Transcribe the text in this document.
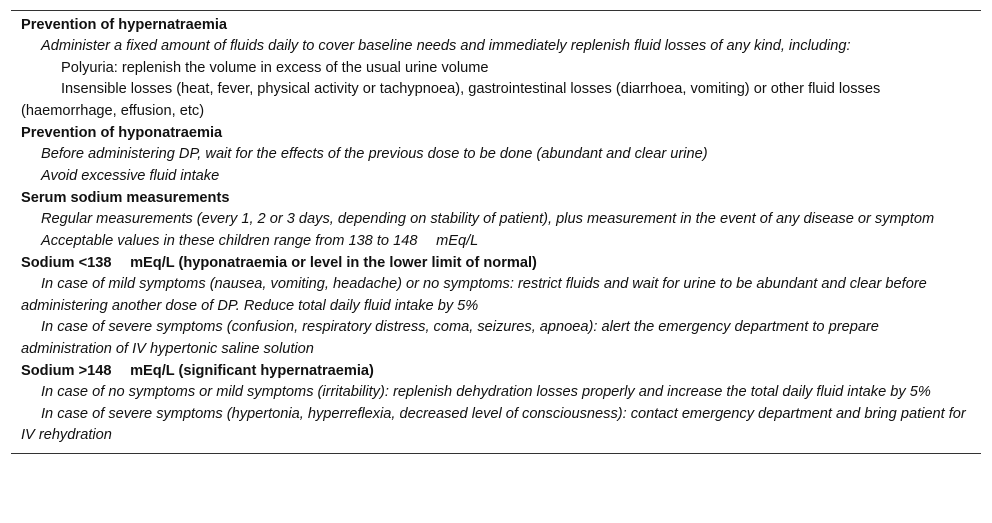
Prevention of hypernatraemia
Administer a fixed amount of fluids daily to cover baseline needs and immediately replenish fluid losses of any kind, including:
Polyuria: replenish the volume in excess of the usual urine volume
Insensible losses (heat, fever, physical activity or tachypnoea), gastrointestinal losses (diarrhoea, vomiting) or other fluid losses (haemorrhage, effusion, etc)
Prevention of hyponatraemia
Before administering DP, wait for the effects of the previous dose to be done (abundant and clear urine)
Avoid excessive fluid intake
Serum sodium measurements
Regular measurements (every 1, 2 or 3 days, depending on stability of patient), plus measurement in the event of any disease or symptom
Acceptable values in these children range from 138 to 148  mEq/L
Sodium <138  mEq/L (hyponatraemia or level in the lower limit of normal)
In case of mild symptoms (nausea, vomiting, headache) or no symptoms: restrict fluids and wait for urine to be abundant and clear before administering another dose of DP. Reduce total daily fluid intake by 5%
In case of severe symptoms (confusion, respiratory distress, coma, seizures, apnoea): alert the emergency department to prepare administration of IV hypertonic saline solution
Sodium >148  mEq/L (significant hypernatraemia)
In case of no symptoms or mild symptoms (irritability): replenish dehydration losses properly and increase the total daily fluid intake by 5%
In case of severe symptoms (hypertonia, hyperreflexia, decreased level of consciousness): contact emergency department and bring patient for IV rehydration
